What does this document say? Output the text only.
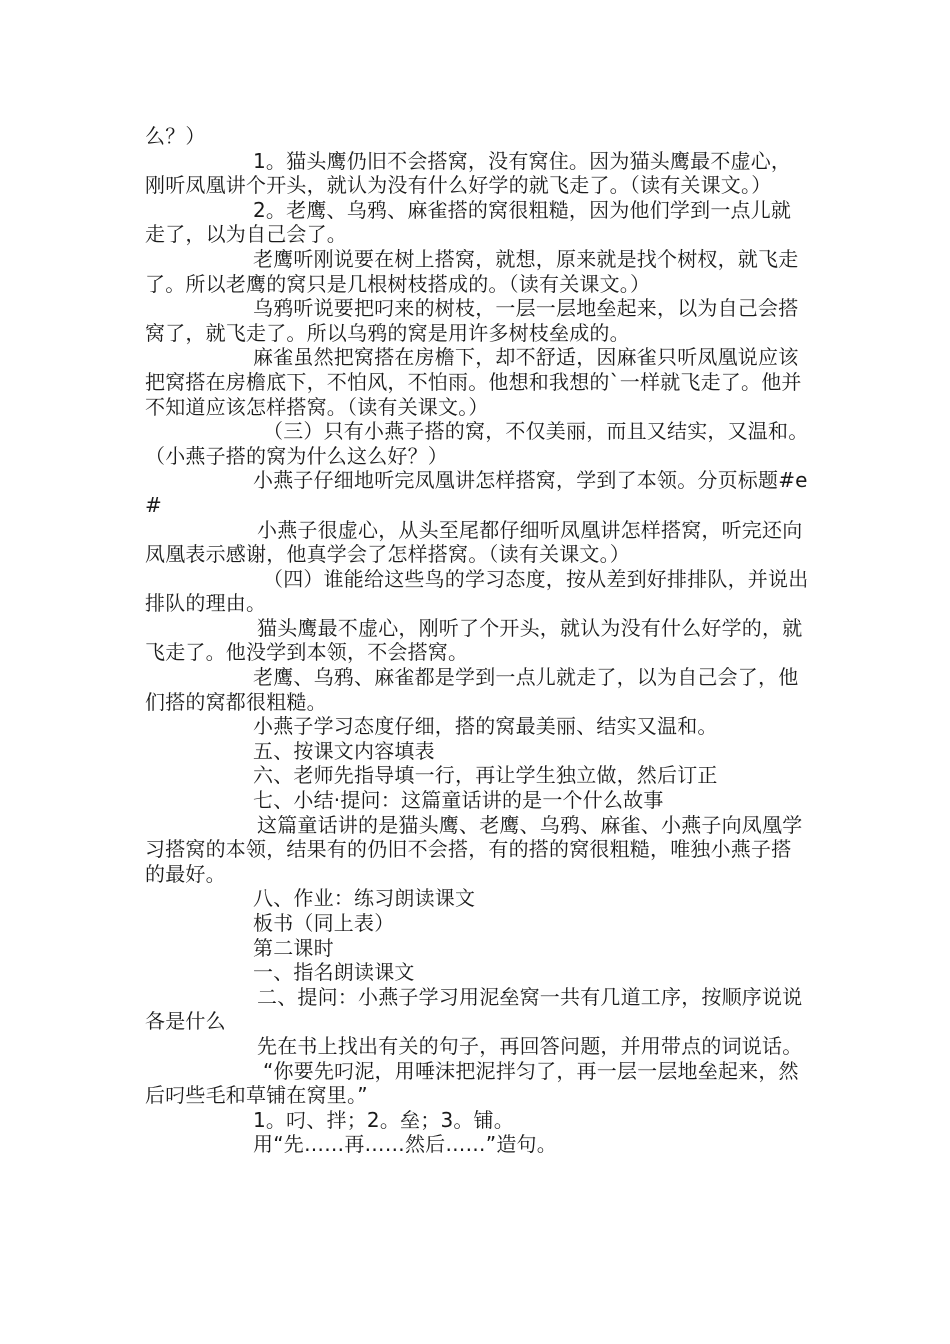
么？）

1。猫头鹰仍旧不会搭窝，没有窝住。因为猫头鹰最不虚心，刚听凤凰讲个开头，就认为没有什么好学的就飞走了。（读有关课文。）

2。老鹰、乌鸦、麻雀搭的窝很粗糙，因为他们学到一点儿就走了，以为自己会了。

老鹰听刚说要在树上搭窝，就想，原来就是找个树杈，就飞走了。所以老鹰的窝只是几根树枝搭成的。（读有关课文。）

乌鸦听说要把叼来的树枝，一层一层地垒起来，以为自己会搭窝了，就飞走了。所以乌鸦的窝是用许多树枝垒成的。

麻雀虽然把窝搭在房檐下，却不舒适，因麻雀只听凤凰说应该把窝搭在房檐底下，不怕风，不怕雨。他想和我想的`一样就飞走了。他并不知道应该怎样搭窝。（读有关课文。）

（三）只有小燕子搭的窝，不仅美丽，而且又结实，又温和。（小燕子搭的窝为什么这么好？）

小燕子仔细地听完凤凰讲怎样搭窝，学到了本领。分页标题#e#

小燕子很虚心，从头至尾都仔细听凤凰讲怎样搭窝，听完还向凤凰表示感谢，他真学会了怎样搭窝。（读有关课文。）

（四）谁能给这些鸟的学习态度，按从差到好排排队，并说出排队的理由。

猫头鹰最不虚心，刚听了个开头，就认为没有什么好学的，就飞走了。他没学到本领，不会搭窝。

老鹰、乌鸦、麻雀都是学到一点儿就走了，以为自己会了，他们搭的窝都很粗糙。

小燕子学习态度仔细，搭的窝最美丽、结实又温和。

五、按课文内容填表

六、老师先指导填一行，再让学生独立做，然后订正

七、小结·提问：这篇童话讲的是一个什么故事

这篇童话讲的是猫头鹰、老鹰、乌鸦、麻雀、小燕子向凤凰学习搭窝的本领，结果有的仍旧不会搭，有的搭的窝很粗糙，唯独小燕子搭的最好。

八、作业：练习朗读课文

板书（同上表）

第二课时

一、指名朗读课文

二、提问：小燕子学习用泥垒窝一共有几道工序，按顺序说说各是什么

先在书上找出有关的句子，再回答问题，并用带点的词说话。

“你要先叼泥，用唾沫把泥拌匀了，再一层一层地垒起来，然后叼些毛和草铺在窝里。”

1。叼、拌；2。垒；3。铺。

用“先……再……然后……”造句。
